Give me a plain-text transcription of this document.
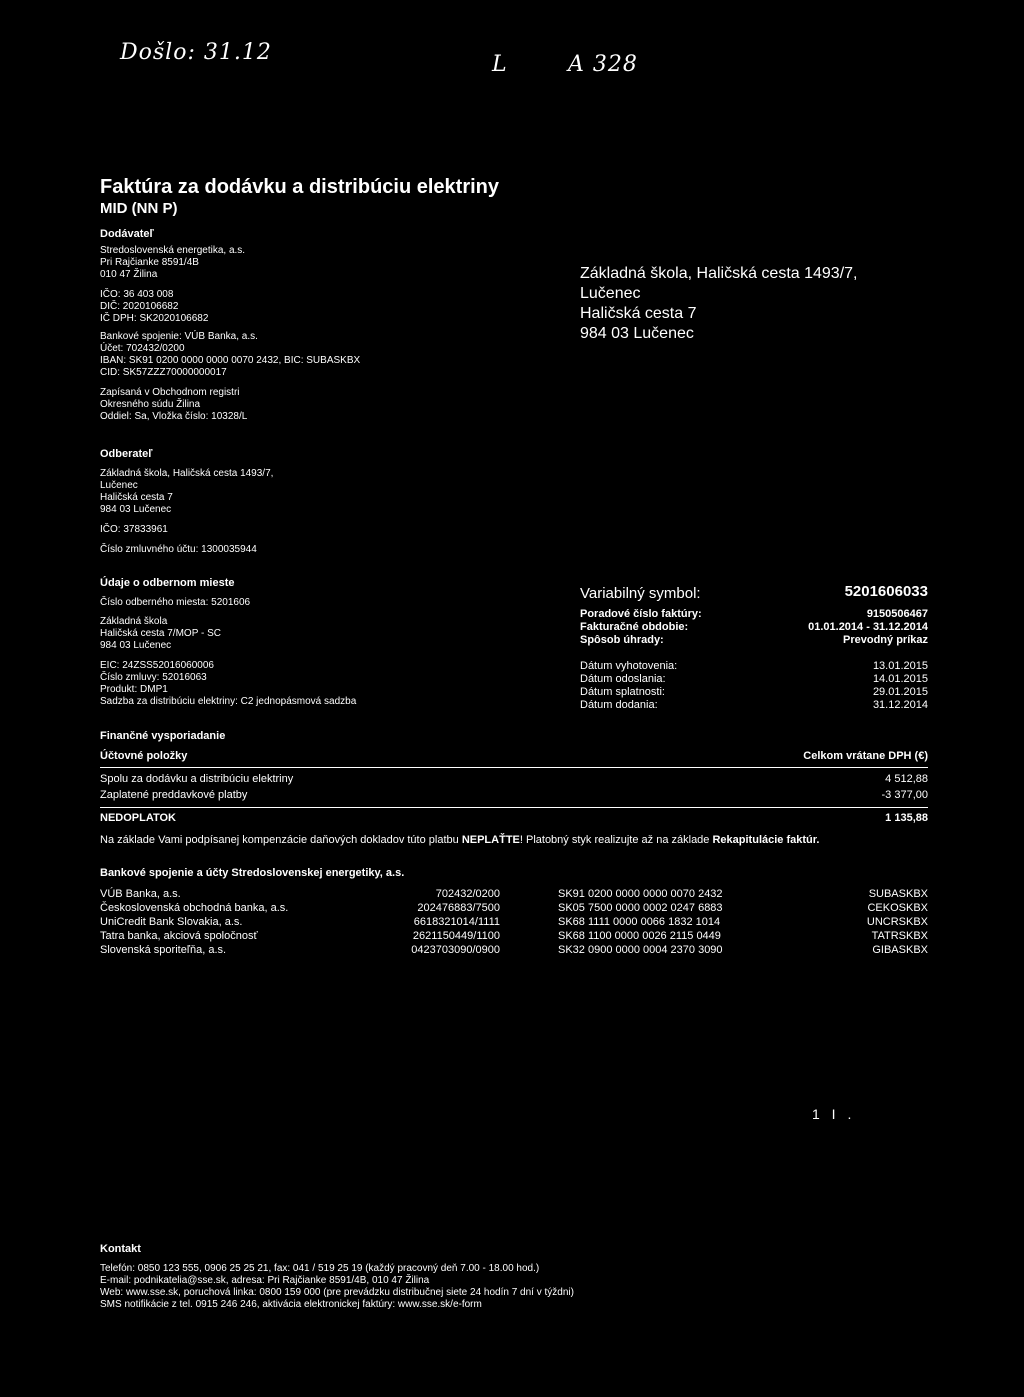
Došlo: 31.12	L	A 328
Faktúra za dodávku a distribúciu elektriny
MID (NN P)
Dodávateľ
Stredoslovenská energetika, a.s.
Pri Rajčianke 8591/4B
010 47 Žilina
IČO: 36 403 008
DIČ: 2020106682
IČ DPH: SK2020106682
Bankové spojenie: VÚB Banka, a.s.
Účet: 702432/0200
IBAN: SK91 0200 0000 0000 0070 2432, BIC: SUBASKBX
CID: SK57ZZZ70000000017
Zapísaná v Obchodnom registri
Okresného súdu Žilina
Oddiel: Sa, Vložka číslo: 10328/L
Základná škola, Haličská cesta 1493/7,
Lučenec
Haličská cesta 7
984 03 Lučenec
Odberateľ
Základná škola, Haličská cesta 1493/7,
Lučenec
Haličská cesta 7
984 03 Lučenec
IČO: 37833961
Číslo zmluvného účtu: 1300035944
Údaje o odbernom mieste
Číslo odberného miesta: 5201606
Základná škola
Haličská cesta 7/MOP - SC
984 03 Lučenec
EIC: 24ZSS52016060006
Číslo zmluvy: 52016063
Produkt: DMP1
Sadzba za distribúciu elektriny: C2 jednopásmová sadzba
Variabilný symbol:	5201606033
Poradové číslo faktúry:	9150506467
Fakturačné obdobie:	01.01.2014 - 31.12.2014
Spôsob úhrady:	Prevodný príkaz
Dátum vyhotovenia:	13.01.2015
Dátum odoslania:	14.01.2015
Dátum splatnosti:	29.01.2015
Dátum dodania:	31.12.2014
Finančné vysporiadanie
Účtovné položky	Celkom vrátane DPH (€)
Spolu za dodávku a distribúciu elektriny	4 512,88
Zaplatené preddavkové platby	-3 377,00
NEDOPLATOK	1 135,88
Na základe Vami podpísanej kompenzácie daňových dokladov túto platbu NEPLAŤTE! Platobný styk realizujte až na základe Rekapitulácie faktúr.
Bankové spojenie a účty Stredoslovenskej energetiky, a.s.
VÚB Banka, a.s.	702432/0200		SK91 0200 0000 0000 0070 2432	SUBASKBX
Československá obchodná banka, a.s.	202476883/7500		SK05 7500 0000 0002 0247 6883	CEKOSKBX
UniCredit Bank Slovakia, a.s.	6618321014/1111		SK68 1111 0000 0066 1832 1014	UNCRSKBX
Tatra banka, akciová spoločnosť	2621150449/1100		SK68 1100 0000 0026 2115 0449	TATRSKBX
Slovenská sporiteľňa, a.s.	0423703090/0900		SK32 0900 0000 0004 2370 3090	GIBASKBX
1 I .
Kontakt
Telefón: 0850 123 555, 0906 25 25 21, fax: 041 / 519 25 19 (každý pracovný deň 7.00 - 18.00 hod.)
E-mail: podnikatelia@sse.sk, adresa: Pri Rajčianke 8591/4B, 010 47 Žilina
Web: www.sse.sk, poruchová linka: 0800 159 000 (pre prevádzku distribučnej siete 24 hodín 7 dní v týždni)
SMS notifikácie z tel. 0915 246 246, aktivácia elektronickej faktúry: www.sse.sk/e-form
